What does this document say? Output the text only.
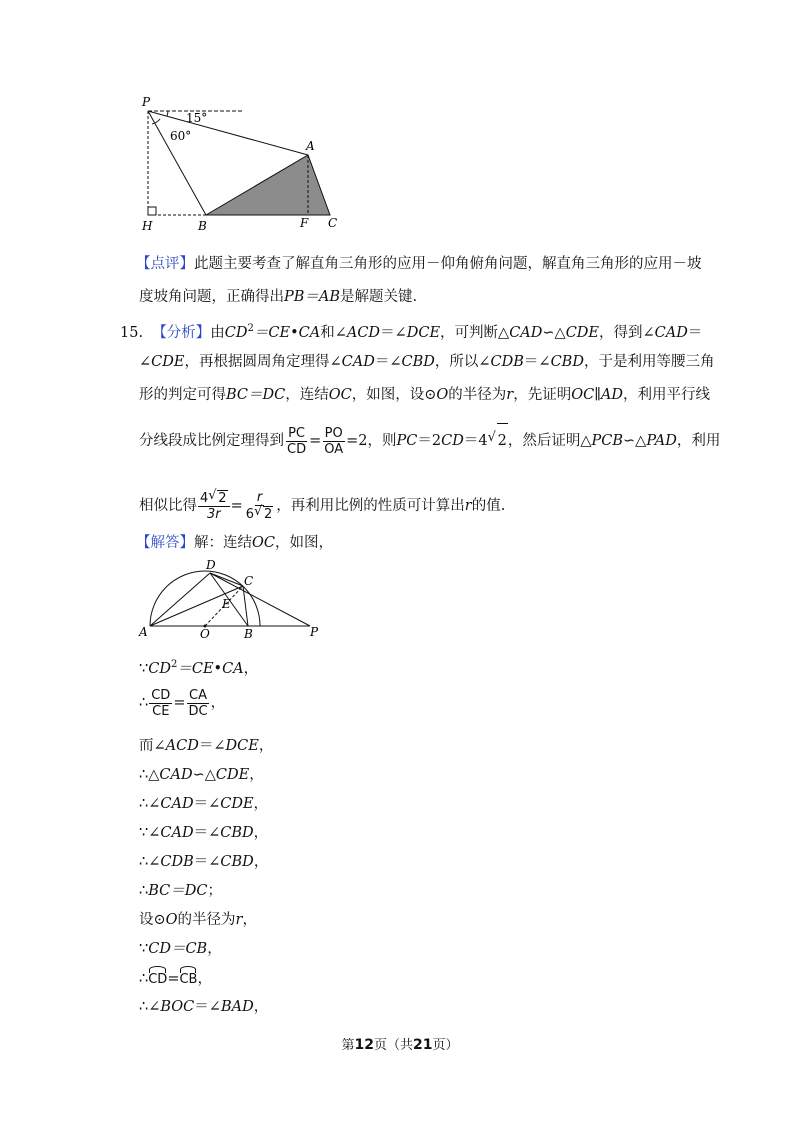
P
15°
60°
A
H	B	F C
【点评】此题主要考查了解直角三角形的应用－仰角俯角问题，解直角三角形的应用－坡
度坡角问题，正确得出PB＝AB是解题关键.
15. 【分析】由$CD^2=CE•CA$和∠ACD＝∠DCE，可判断△CAD∽△CDE，得到∠CAD＝
∠CDE，再根据圆周角定理得∠CAD＝∠CBD，所以∠CDB＝∠CBD，于是利用等腰三角
形的判定可得BC＝DC，连结OC，如图，设⊙O的半径为r，先证明OC∥AD，利用平行线
分线段成比例定理得到 $\frac{PC}{CD} = \frac{PO}{OA} =2$，则PC＝2CD＝4 √ 2，然后证明△PCB∽△PAD，利用
相似比得 $\frac{4 √ 2}{3r} = \frac{r}{6 √ 2}$ ，再利用比例的性质可计算出r的值.
【解答】解：连结OC，如图，
D
C
E
A	O	B	P
$\because CD^2=CE•CA$，
∴ $\frac{CD}{CE} = \frac{CA}{DC}$ ，
而∠ACD＝∠DCE，
∴△CAD∽△CDE，
∴∠CAD＝∠CDE，
∵∠CAD＝∠CBD，
∴∠CDB＝∠CBD，
∴BC＝DC；
设⊙O的半径为r，
∵CD＝CB，
∴CD=CB，
∴∠BOC＝∠BAD，
第12页（共21页）
